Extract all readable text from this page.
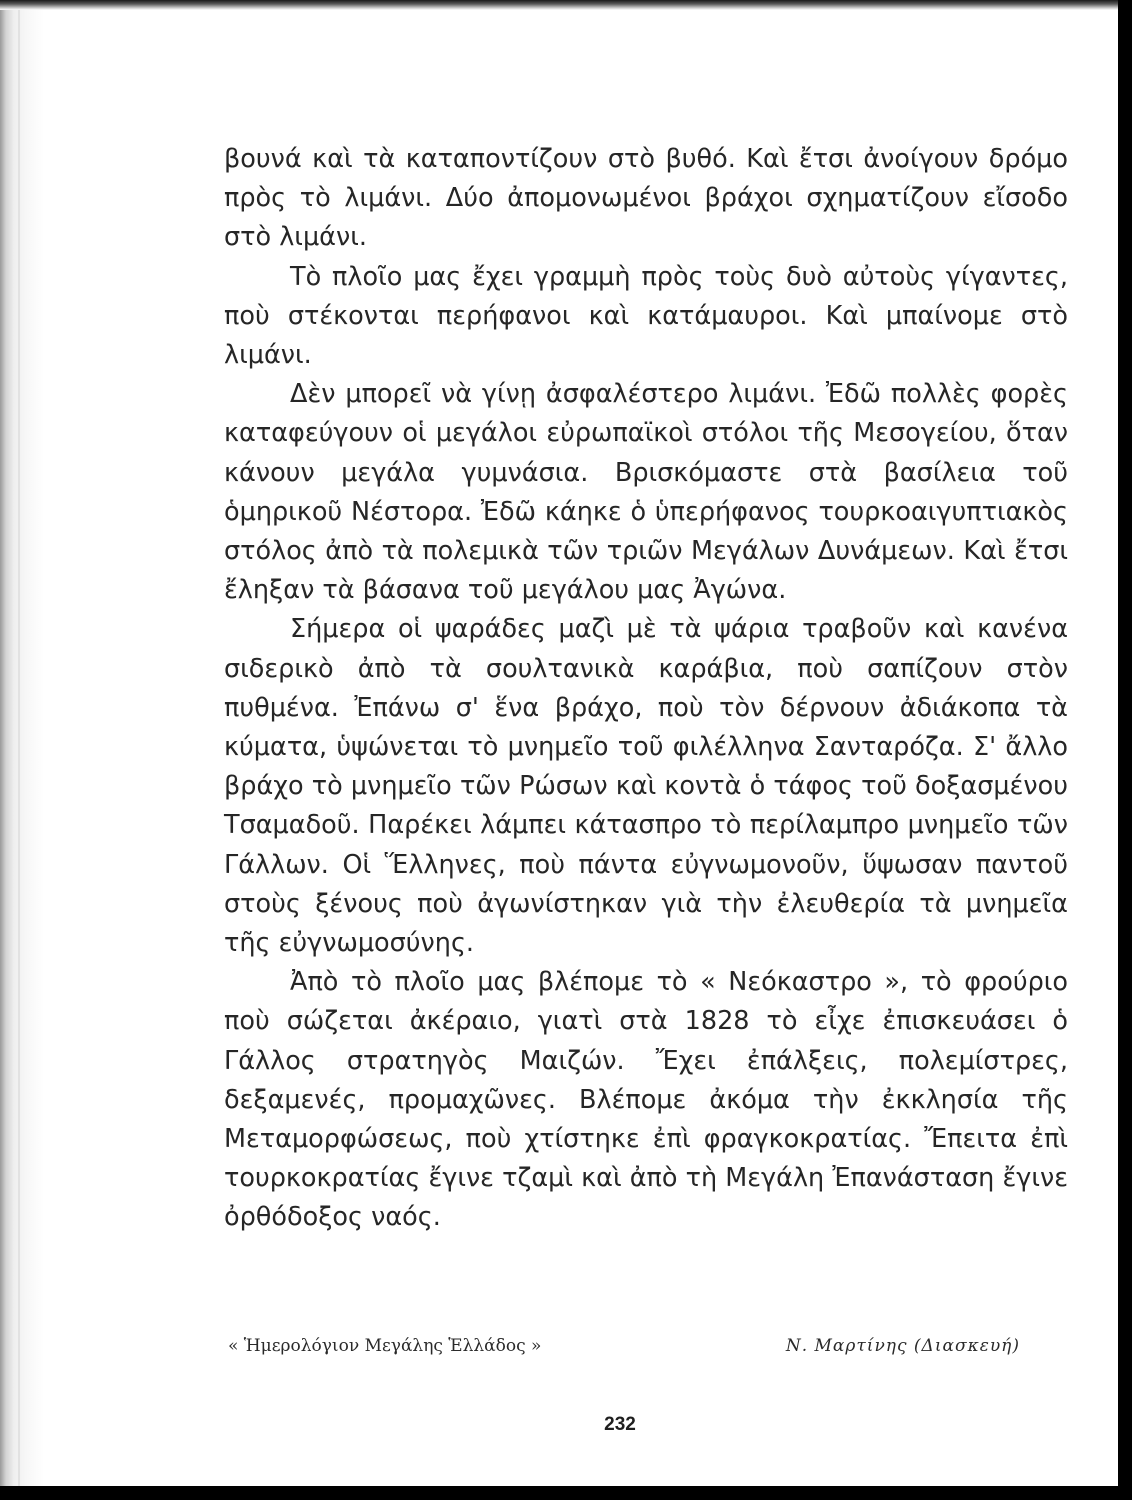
βουνά καὶ τὰ καταποντίζουν στὸ βυθό. Καὶ ἔτσι ἀνοίγουν δρόμο πρὸς τὸ λιμάνι. Δύο ἀπομονωμένοι βράχοι σχηματίζουν εἴσοδο στὸ λιμάνι.

Τὸ πλοῖο μας ἔχει γραμμὴ πρὸς τοὺς δυὸ αὐτοὺς γίγαντες, ποὺ στέκονται περήφανοι καὶ κατάμαυροι. Καὶ μπαίνομε στὸ λιμάνι.

Δὲν μπορεῖ νὰ γίνῃ ἀσφαλέστερο λιμάνι. Ἐδῶ πολλὲς φορὲς καταφεύγουν οἱ μεγάλοι εὐρωπαϊκοὶ στόλοι τῆς Μεσογείου, ὅταν κάνουν μεγάλα γυμνάσια. Βρισκόμαστε στὰ βασίλεια τοῦ ὁμηρικοῦ Νέστορα. Ἐδῶ κάηκε ὁ ὑπερήφανος τουρκοαιγυπτιακὸς στόλος ἀπὸ τὰ πολεμικὰ τῶν τριῶν Μεγάλων Δυνάμεων. Καὶ ἔτσι ἔληξαν τὰ βάσανα τοῦ μεγάλου μας Ἀγώνα.

Σήμερα οἱ ψαράδες μαζὶ μὲ τὰ ψάρια τραβοῦν καὶ κανένα σιδερικὸ ἀπὸ τὰ σουλτανικὰ καράβια, ποὺ σαπίζουν στὸν πυθμένα. Ἐπάνω σ' ἕνα βράχο, ποὺ τὸν δέρνουν ἀδιάκοπα τὰ κύματα, ὑψώνεται τὸ μνημεῖο τοῦ φιλέλληνα Σανταρόζα. Σ' ἄλλο βράχο τὸ μνημεῖο τῶν Ρώσων καὶ κοντὰ ὁ τάφος τοῦ δοξασμένου Τσαμαδοῦ. Παρέκει λάμπει κάτασπρο τὸ περίλαμπρο μνημεῖο τῶν Γάλλων. Οἱ Ἕλληνες, ποὺ πάντα εὐγνωμονοῦν, ὕψωσαν παντοῦ στοὺς ξένους ποὺ ἀγωνίστηκαν γιὰ τὴν ἐλευθερία τὰ μνημεῖα τῆς εὐγνωμοσύνης.

Ἀπὸ τὸ πλοῖο μας βλέπομε τὸ « Νεόκαστρο », τὸ φρούριο ποὺ σώζεται ἀκέραιο, γιατὶ στὰ 1828 τὸ εἶχε ἐπισκευάσει ὁ Γάλλος στρατηγὸς Μαιζών. Ἔχει ἐπάλξεις, πολεμίστρες, δεξαμενές, προμαχῶνες. Βλέπομε ἀκόμα τὴν ἐκκλησία τῆς Μεταμορφώσεως, ποὺ χτίστηκε ἐπὶ φραγκοκρατίας. Ἔπειτα ἐπὶ τουρκοκρατίας ἔγινε τζαμὶ καὶ ἀπὸ τὴ Μεγάλη Ἐπανάσταση ἔγινε ὀρθόδοξος ναός.

« Ἡμερολόγιον Μεγάλης Ἑλλάδος »	Ν. Μαρτίνης (Διασκευή)
232
